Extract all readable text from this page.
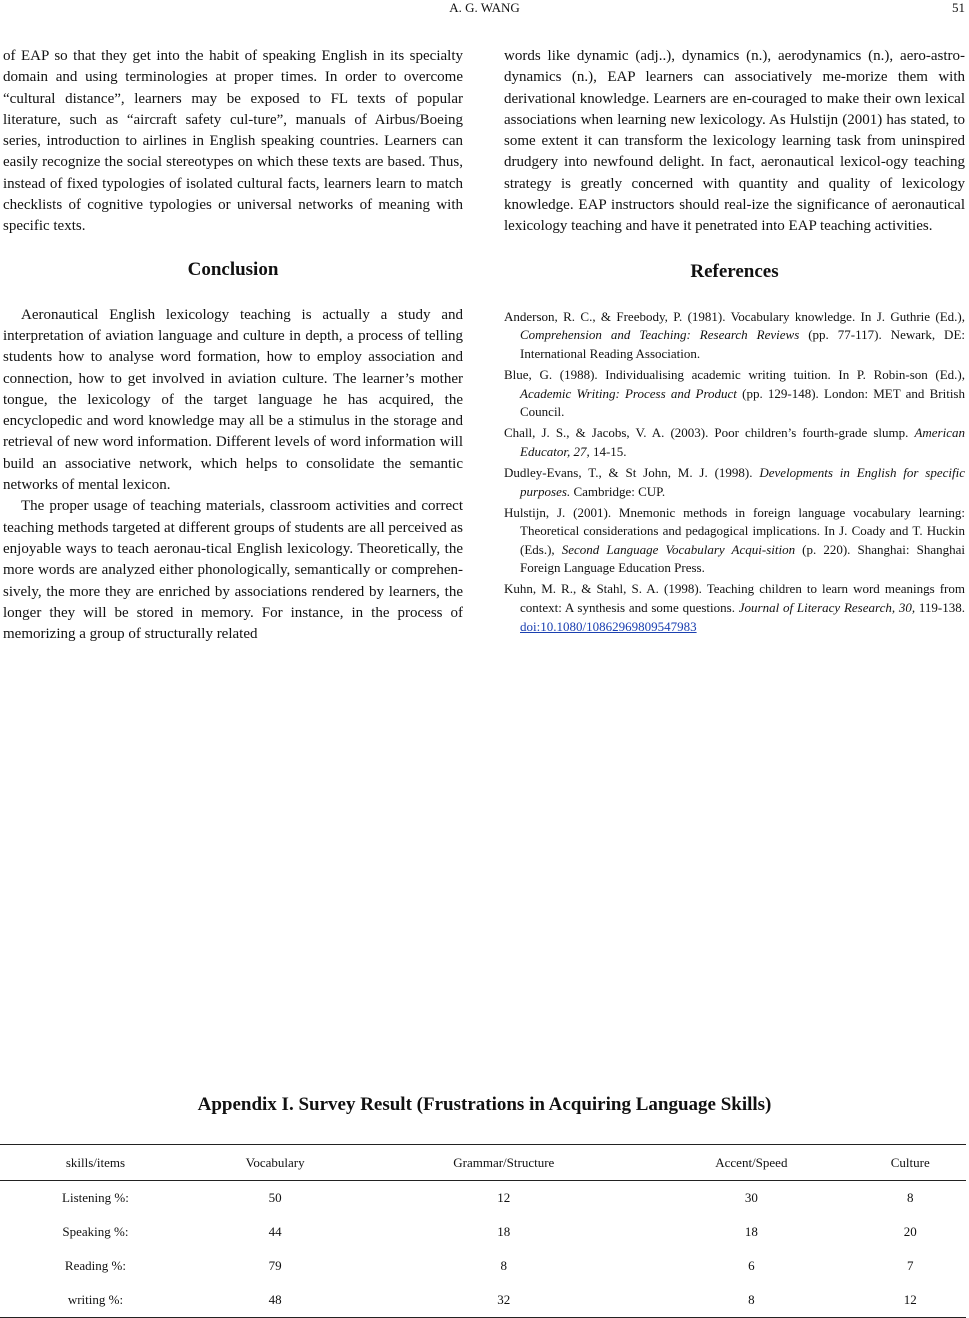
A. G. WANG	51

of EAP so that they get into the habit of speaking English in its specialty domain and using terminologies at proper times. In order to overcome “cultural distance”, learners may be exposed to FL texts of popular literature, such as “aircraft safety cul-ture”, manuals of Airbus/Boeing series, introduction to airlines in English speaking countries. Learners can easily recognize the social stereotypes on which these texts are based. Thus, instead of fixed typologies of isolated cultural facts, learners learn to match checklists of cognitive typologies or universal networks of meaning with specific texts.

Conclusion

Aeronautical English lexicology teaching is actually a study and interpretation of aviation language and culture in depth, a process of telling students how to analyse word formation, how to employ association and connection, how to get involved in aviation culture. The learner’s mother tongue, the lexicology of the target language he has acquired, the encyclopedic and word knowledge may all be a stimulus in the storage and retrieval of new word information. Different levels of word information will build an associative network, which helps to consolidate the semantic networks of mental lexicon.

The proper usage of teaching materials, classroom activities and correct teaching methods targeted at different groups of students are all perceived as enjoyable ways to teach aeronau-tical English lexicology. Theoretically, the more words are analyzed either phonologically, semantically or comprehen-sively, the more they are enriched by associations rendered by learners, the longer they will be stored in memory. For instance, in the process of memorizing a group of structurally related

words like dynamic (adj..), dynamics (n.), aerodynamics (n.), aero-astro-dynamics (n.), EAP learners can associatively me-morize them with derivational knowledge. Learners are en-couraged to make their own lexical associations when learning new lexicology. As Hulstijn (2001) has stated, to some extent it can transform the lexicology learning task from uninspired drudgery into newfound delight. In fact, aeronautical lexicol-ogy teaching strategy is greatly concerned with quantity and quality of lexicology knowledge. EAP instructors should real-ize the significance of aeronautical lexicology teaching and have it penetrated into EAP teaching activities.

References
Anderson, R. C., & Freebody, P. (1981). Vocabulary knowledge. In J. Guthrie (Ed.), Comprehension and Teaching: Research Reviews (pp. 77-117). Newark, DE: International Reading Association.
Blue, G. (1988). Individualising academic writing tuition. In P. Robin-son (Ed.), Academic Writing: Process and Product (pp. 129-148). London: MET and British Council.
Chall, J. S., & Jacobs, V. A. (2003). Poor children’s fourth-grade slump. American Educator, 27, 14-15.
Dudley-Evans, T., & St John, M. J. (1998). Developments in English for specific purposes. Cambridge: CUP.
Hulstijn, J. (2001). Mnemonic methods in foreign language vocabulary learning: Theoretical considerations and pedagogical implications. In J. Coady and T. Huckin (Eds.), Second Language Vocabulary Acqui-sition (p. 220). Shanghai: Shanghai Foreign Language Education Press.
Kuhn, M. R., & Stahl, S. A. (1998). Teaching children to learn word meanings from context: A synthesis and some questions. Journal of Literacy Research, 30, 119-138. doi:10.1080/10862969809547983
Appendix I. Survey Result (Frustrations in Acquiring Language Skills)
skills/items	Vocabulary	Grammar/Structure	Accent/Speed	Culture
Listening %:	50	12	30	8
Speaking %:	44	18	18	20
Reading %:	79	8	6	7
writing %:	48	32	8	12
